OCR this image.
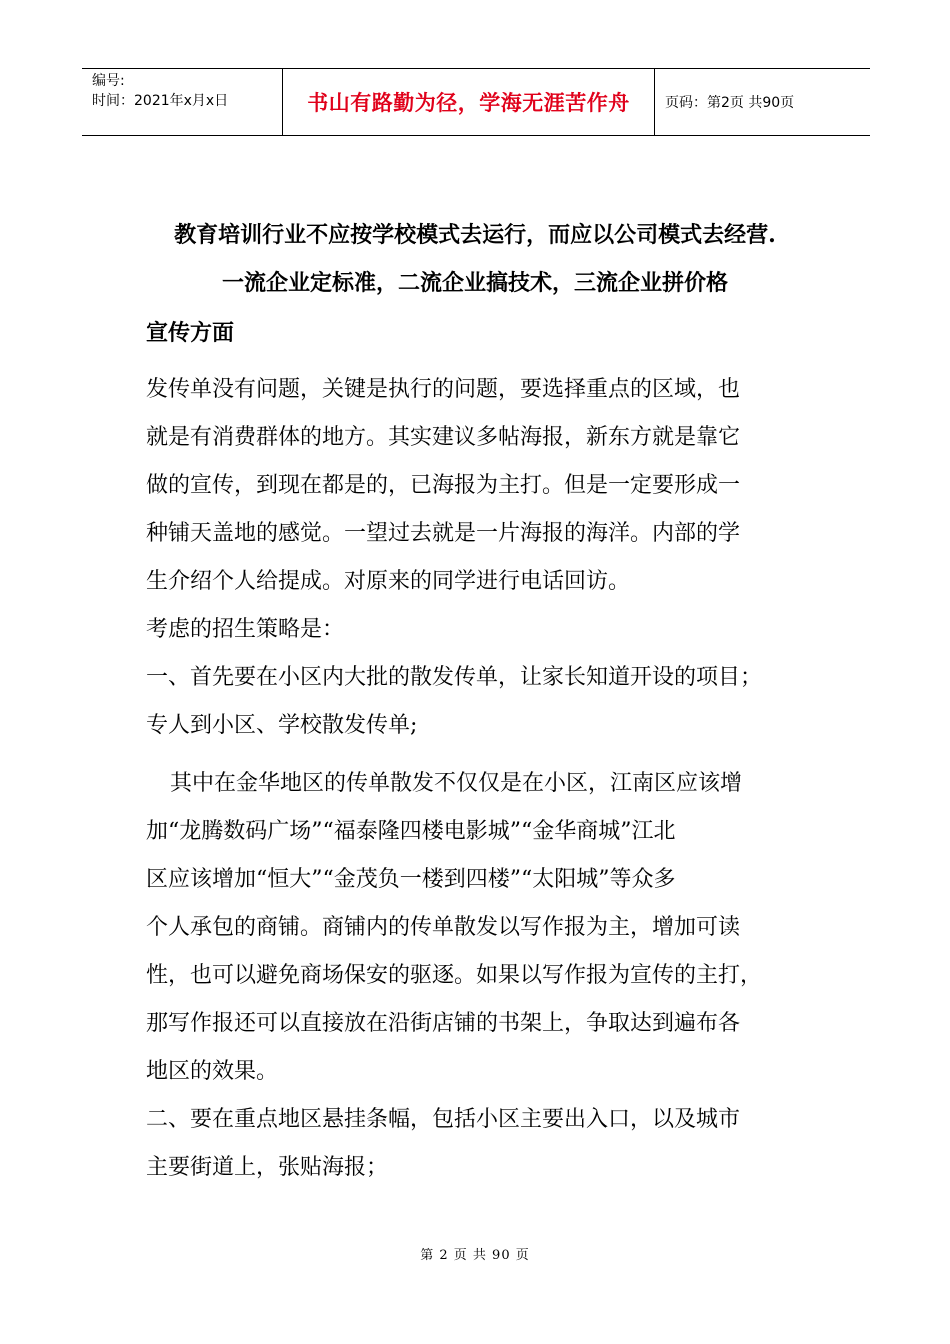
编号:
时间：2021年x月x日	书山有路勤为径，学海无涯苦作舟	页码：第2页 共90页
教育培训行业不应按学校模式去运行，而应以公司模式去经营.
一流企业定标准，二流企业搞技术，三流企业拼价格
宣传方面

发传单没有问题，关键是执行的问题，要选择重点的区域，也
就是有消费群体的地方。其实建议多帖海报，新东方就是靠它
做的宣传，到现在都是的，已海报为主打。但是一定要形成一
种铺天盖地的感觉。一望过去就是一片海报的海洋。内部的学
生介绍个人给提成。对原来的同学进行电话回访。

考虑的招生策略是：

一、首先要在小区内大批的散发传单，让家长知道开设的项目；
专人到小区、学校散发传单;

其中在金华地区的传单散发不仅仅是在小区，江南区应该增
加“龙腾数码广场”“福泰隆四楼电影城”“金华商城”江北
区应该增加“恒大”“金茂负一楼到四楼”“太阳城”等众多
个人承包的商铺。商铺内的传单散发以写作报为主，增加可读
性，也可以避免商场保安的驱逐。如果以写作报为宣传的主打，
那写作报还可以直接放在沿街店铺的书架上，争取达到遍布各
地区的效果。

二、要在重点地区悬挂条幅，包括小区主要出入口，以及城市
主要街道上，张贴海报；

第 2 页 共 90 页
